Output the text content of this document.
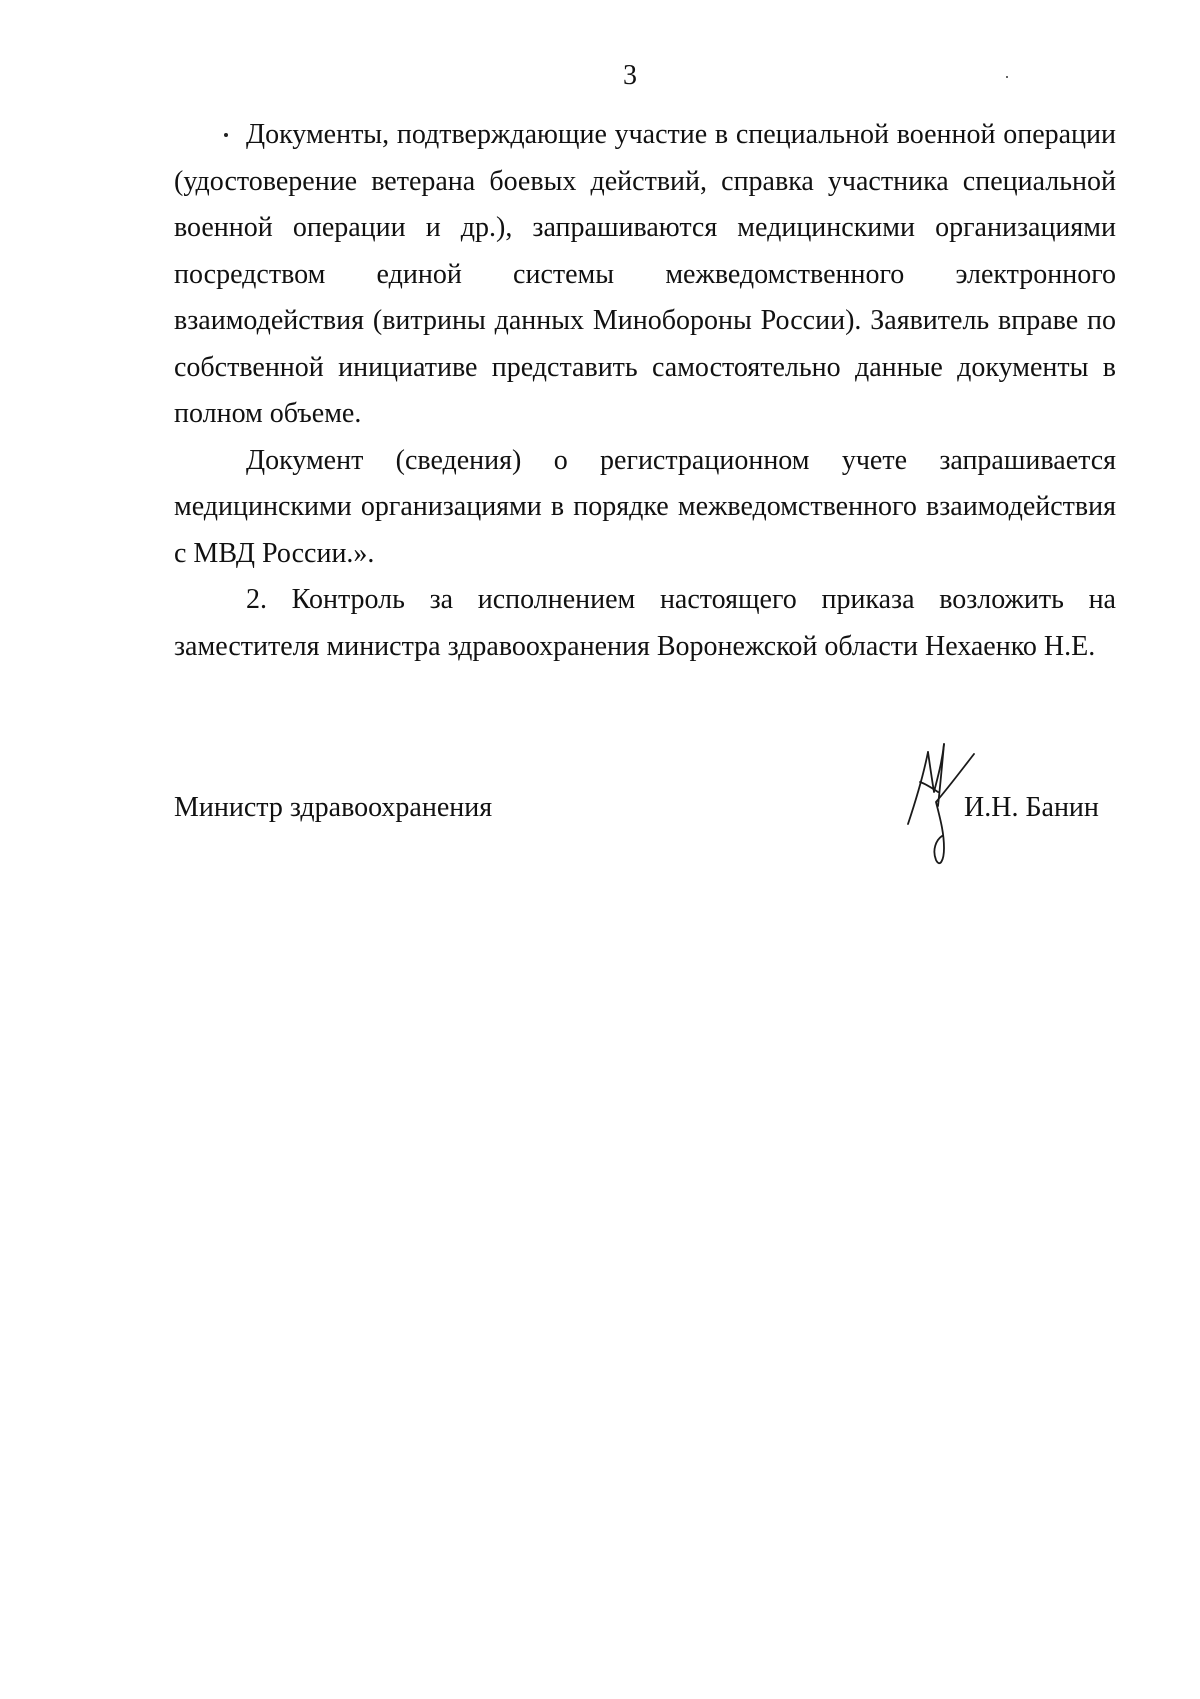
3

Документы, подтверждающие участие в специальной военной операции (удостоверение ветерана боевых действий, справка участника специальной военной операции и др.), запрашиваются медицинскими организациями посредством единой системы межведомственного электронного взаимодействия (витрины данных Минобороны России). Заявитель вправе по собственной инициативе представить самостоятельно данные документы в полном объеме.

Документ (сведения) о регистрационном учете запрашивается медицинскими организациями в порядке межведомственного взаимодействия с МВД России.».

2. Контроль за исполнением настоящего приказа возложить на заместителя министра здравоохранения Воронежской области Нехаенко Н.Е.

Министр здравоохранения	И.Н. Банин
